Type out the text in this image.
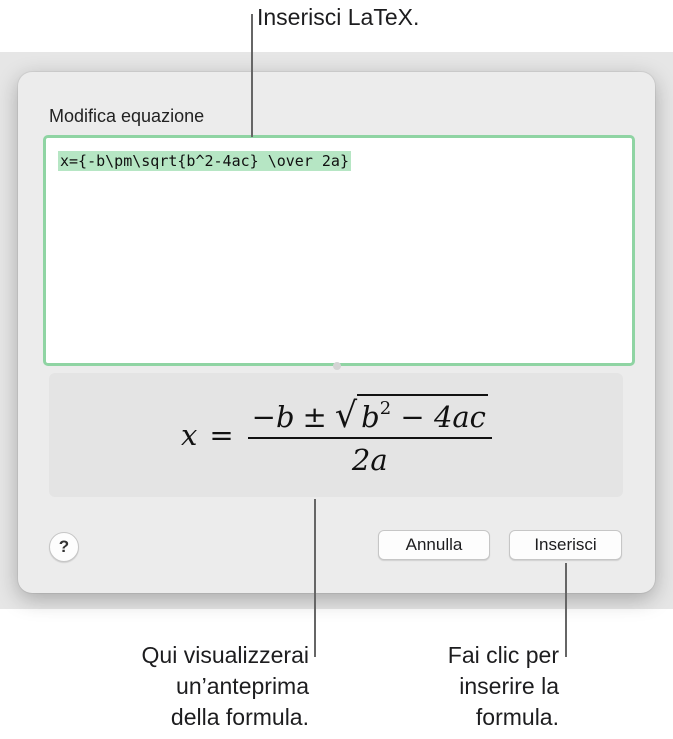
Inserisci LaTeX.
Modifica equazione
x={-b\pm\sqrt{b^2-4ac} \over 2a}
$x = \frac{-b \pm √ b^2 - 4ac}{2a}$
?	Annulla	Inserisci
Qui visualizzerai
un’anteprima
della formula.
Fai clic per
inserire la
formula.
